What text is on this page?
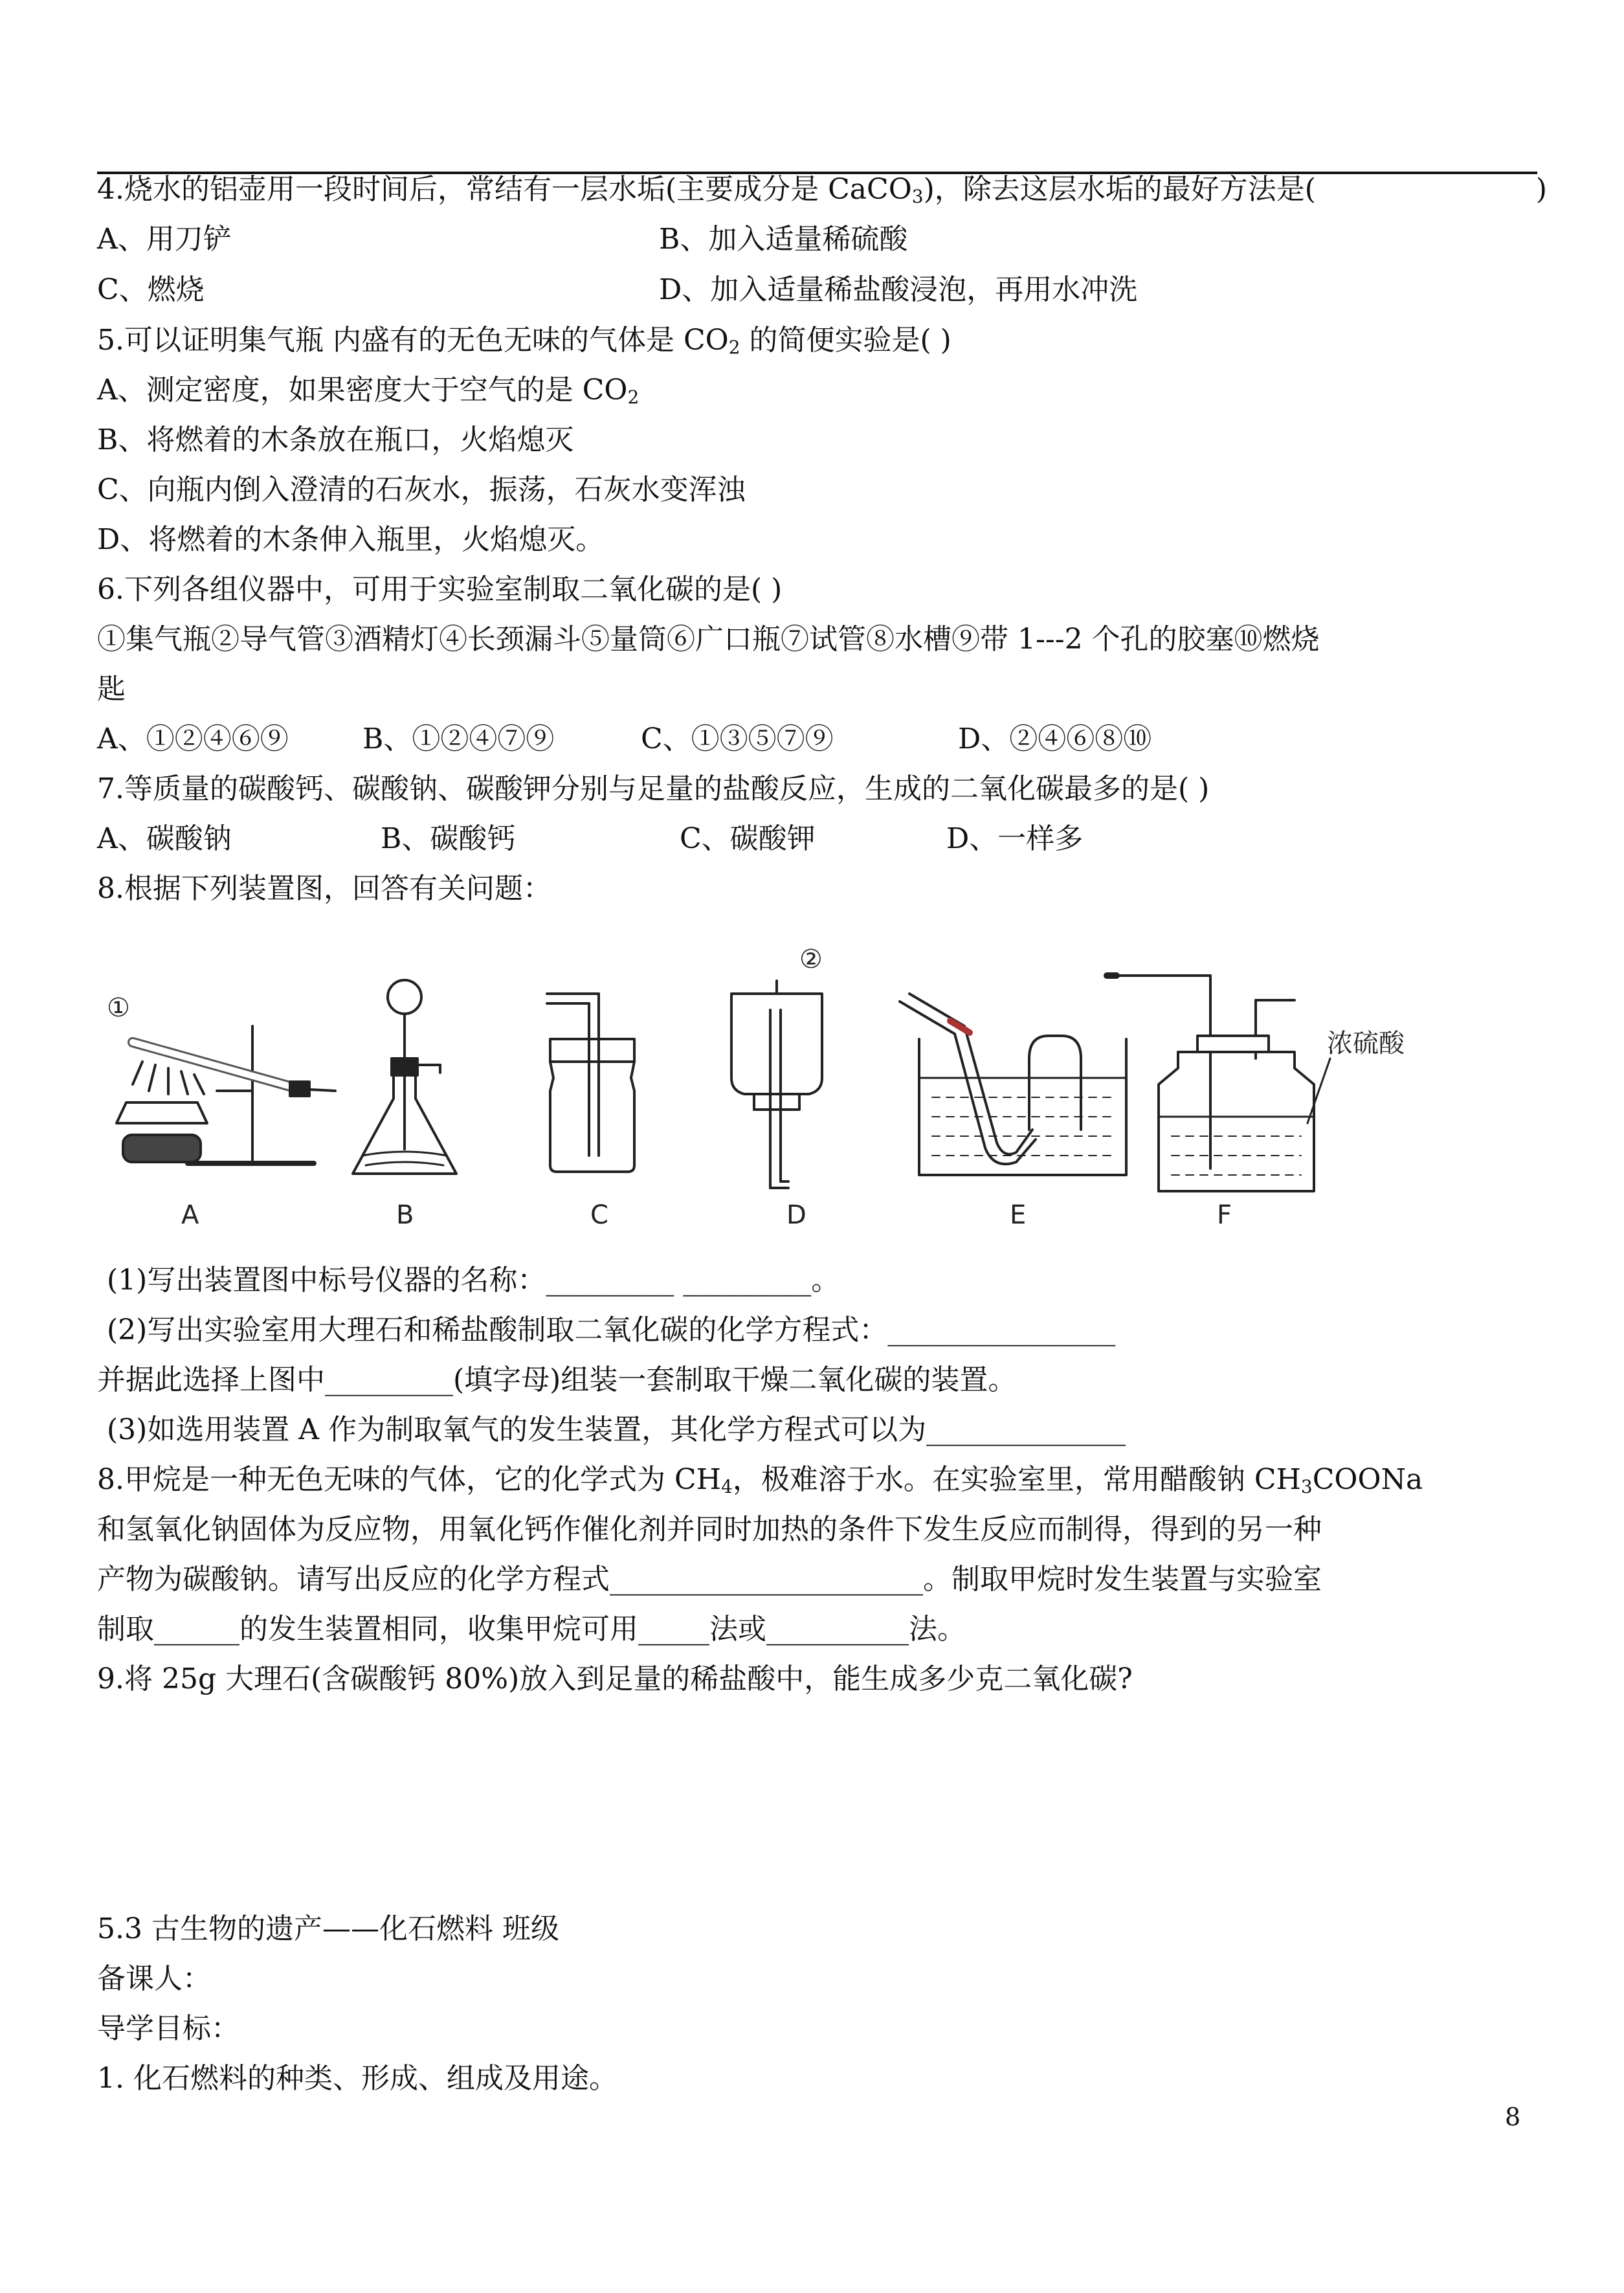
4.烧水的铝壶用一段时间后，常结有一层水垢(主要成分是 CaCO$_3$)，除去这层水垢的最好方法是(	)
A、用刀铲	B、加入适量稀硫酸
C、燃烧	D、加入适量稀盐酸浸泡，再用水冲洗
5.可以证明集气瓶 内盛有的无色无味的气体是 $CO_2$ 的简便实验是( )
A、测定密度，如果密度大于空气的是 $CO_2$
B、将燃着的木条放在瓶口，火焰熄灭
C、向瓶内倒入澄清的石灰水，振荡，石灰水变浑浊
D、将燃着的木条伸入瓶里，火焰熄灭。
6.下列各组仪器中，可用于实验室制取二氧化碳的是( )
①集气瓶②导气管③酒精灯④长颈漏斗⑤量筒⑥广口瓶⑦试管⑧水槽⑨带 1---2 个孔的胶塞⑩燃烧
匙
A、①②④⑥⑨	B、①②④⑦⑨	C、①③⑤⑦⑨	D、②④⑥⑧⑩
7.等质量的碳酸钙、碳酸钠、碳酸钾分别与足量的盐酸反应，生成的二氧化碳最多的是( )
A、碳酸钠	B、碳酸钙	C、碳酸钾	D、一样多
8.根据下列装置图，回答有关问题：
①
②
浓硫酸
A	B	C	D	E	F
(1)写出装置图中标号仪器的名称：_________ _________。
(2)写出实验室用大理石和稀盐酸制取二氧化碳的化学方程式：________________
并据此选择上图中_________(填字母)组装一套制取干燥二氧化碳的装置。
(3)如选用装置 A 作为制取氧气的发生装置，其化学方程式可以为______________
8.甲烷是一种无色无味的气体，它的化学式为 $CH_4$，极难溶于水。在实验室里，常用醋酸钠 $CH_3COONa$
和氢氧化钠固体为反应物，用氧化钙作催化剂并同时加热的条件下发生反应而制得，得到的另一种
产物为碳酸钠。请写出反应的化学方程式______________________。制取甲烷时发生装置与实验室
制取______的发生装置相同，收集甲烷可用_____法或__________法。
9.将 25g 大理石(含碳酸钙 80%)放入到足量的稀盐酸中，能生成多少克二氧化碳?
5.3 古生物的遗产——化石燃料 班级
备课人：
导学目标：
1. 化石燃料的种类、形成、组成及用途。
8
